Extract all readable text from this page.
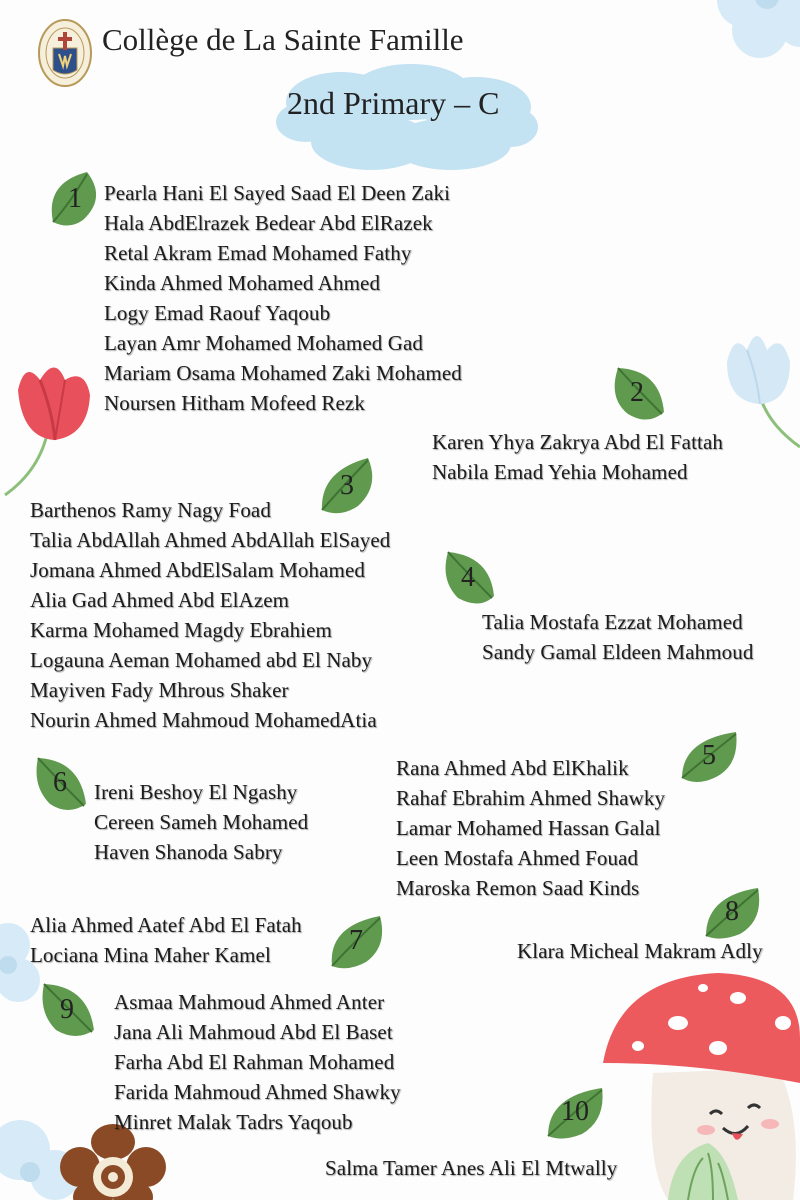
Collège de La Sainte Famille
2nd Primary – C
1
2
3
4
5
6
7
8
9
10
Pearla Hani El Sayed Saad El Deen Zaki
Hala AbdElrazek Bedear Abd ElRazek
Retal Akram Emad Mohamed Fathy
Kinda Ahmed Mohamed Ahmed
Logy Emad Raouf Yaqoub
Layan Amr Mohamed Mohamed Gad
Mariam Osama Mohamed Zaki Mohamed
Noursen Hitham Mofeed Rezk
Karen Yhya Zakrya Abd El Fattah
Nabila Emad Yehia Mohamed
Barthenos Ramy Nagy Foad
Talia AbdAllah Ahmed AbdAllah ElSayed
Jomana Ahmed AbdElSalam Mohamed
Alia Gad Ahmed Abd ElAzem
Karma Mohamed Magdy Ebrahiem
Logauna Aeman Mohamed abd El Naby
Mayiven Fady Mhrous Shaker
Nourin Ahmed Mahmoud MohamedAtia
Talia Mostafa Ezzat Mohamed
Sandy Gamal Eldeen Mahmoud
Rana Ahmed Abd ElKhalik
Rahaf Ebrahim Ahmed Shawky
Lamar Mohamed Hassan Galal
Leen Mostafa Ahmed Fouad
Maroska Remon Saad Kinds
Ireni Beshoy El Ngashy
Cereen Sameh Mohamed
Haven Shanoda Sabry
Alia Ahmed Aatef Abd El Fatah
Lociana Mina Maher Kamel	Klara Micheal Makram Adly
Asmaa Mahmoud Ahmed Anter
Jana Ali Mahmoud Abd El Baset
Farha Abd El Rahman Mohamed
Farida Mahmoud Ahmed Shawky
Minret Malak Tadrs Yaqoub
Salma Tamer Anes Ali El Mtwally
